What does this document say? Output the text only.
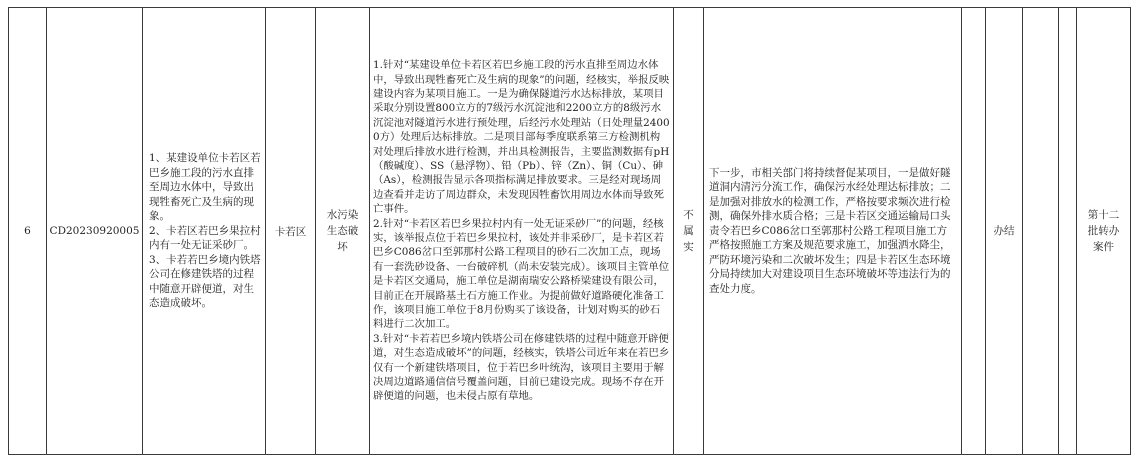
6	CD20230920005	1、某建设单位卡若区若巴乡施工段的污水直排至周边水体中，导致出现牲畜死亡及生病的现象。
2、卡若区若巴乡果拉村内有一处无证采砂厂。
3、卡若若巴乡境内铁塔公司在修建铁塔的过程中随意开辟便道，对生态造成破坏。	卡若区	水污染生态破坏	1.针对“某建设单位卡若区若巴乡施工段的污水直排至周边水体中，导致出现牲畜死亡及生病的现象”的问题，经核实，举报反映建设内容为某项目施工。一是为确保隧道污水达标排放，某项目采取分别设置800立方的7级污水沉淀池和2200立方的8级污水沉淀池对隧道污水进行预处理，后经污水处理站（日处理量24000方）处理后达标排放。二是项目部每季度联系第三方检测机构对处理后排放水进行检测，并出具检测报告，主要监测数据有pH（酸碱度）、SS（悬浮物）、铅（Pb）、锌（Zn）、铜（Cu）、砷（As），检测报告显示各项指标满足排放要求。三是经对现场周边查看并走访了周边群众，未发现因牲畜饮用周边水体而导致死亡事件。
2.针对“卡若区若巴乡果拉村内有一处无证采砂厂”的问题，经核实，该举报点位于若巴乡果拉村，该处并非采砂厂，是卡若区若巴乡C086岔口至郭那村公路工程项目的砂石二次加工点，现场有一套洗砂设备、一台破碎机（尚未安装完成）。该项目主管单位是卡若区交通局，施工单位是湖南瑞安公路桥梁建设有限公司，目前正在开展路基土石方施工作业。为提前做好道路硬化准备工作，该项目施工单位于8月份购买了该设备，计划对购买的砂石料进行二次加工。
3.针对“卡若若巴乡境内铁塔公司在修建铁塔的过程中随意开辟便道，对生态造成破坏”的问题，经核实，铁塔公司近年来在若巴乡仅有一个新建铁塔项目，位于若巴乡叶统沟，该项目主要用于解决周边道路通信信号覆盖问题，目前已建设完成。现场不存在开辟便道的问题，也未侵占原有草地。	不属实	下一步，市相关部门将持续督促某项目，一是做好隧道洞内清污分流工作，确保污水经处理达标排放；二是加强对排放水的检测工作，严格按要求频次进行检测，确保外排水质合格；三是卡若区交通运输局口头责令若巴乡C086岔口至郭那村公路工程项目施工方严格按照施工方案及规范要求施工，加强洒水降尘，严防环境污染和二次破坏发生；四是卡若区生态环境分局持续加大对建设项目生态环境破坏等违法行为的查处力度。		办结			第十二批转办案件
